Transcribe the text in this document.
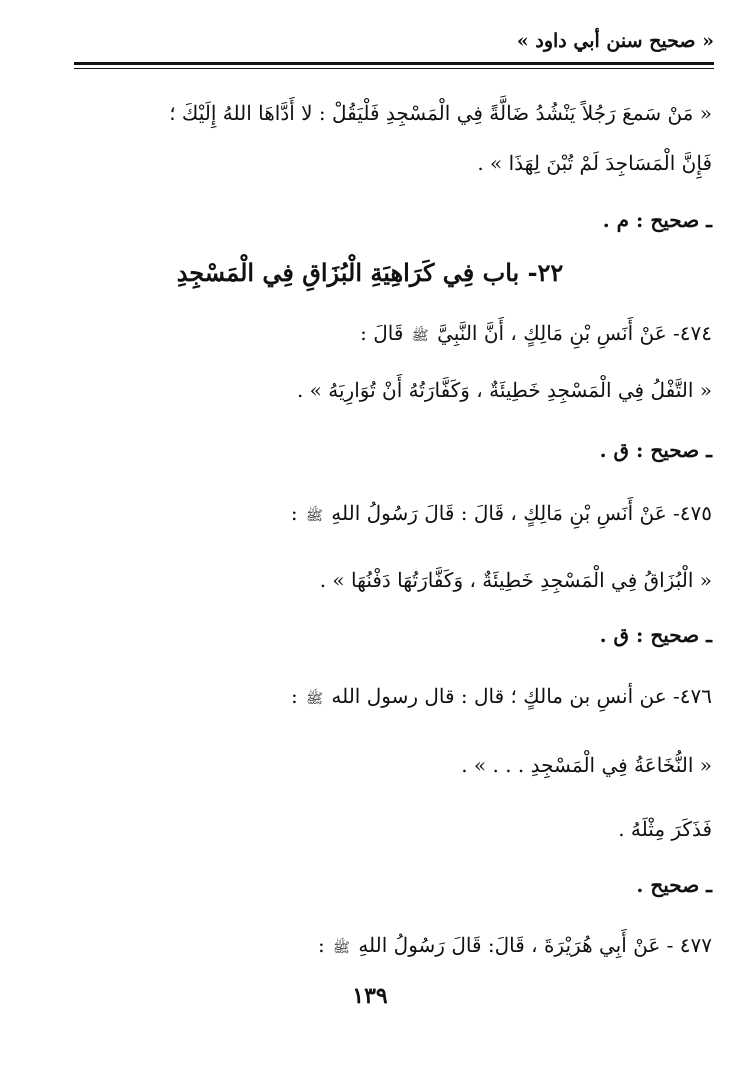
« صحيح سنن أبي داود »
« مَنْ سَمعَ رَجُلاً يَنْشُدُ ضَالَّةً فِي الْمَسْجِدِ فَلْيَقُلْ : لا أَدَّاهَا اللهُ إِلَيْكَ ؛
فَإِنَّ الْمَسَاجِدَ لَمْ تُبْنَ لِهَذَا » .
ـ صحيح : م .
٢٢- باب فِي كَرَاهِيَةِ الْبُزَاقِ فِي الْمَسْجِدِ
٤٧٤- عَنْ أَنَسِ بْنِ مَالِكٍ ، أَنَّ النَّبِيَّ ﷺ قَالَ :
« التَّفْلُ فِي الْمَسْجِدِ خَطِيئَةٌ ، وَكَفَّارَتُهُ أَنْ تُوَارِيَهُ » .
ـ صحيح : ق .
٤٧٥- عَنْ أَنَسِ بْنِ مَالِكٍ ، قَالَ : قَالَ رَسُولُ اللهِ ﷺ :
« الْبُزَاقُ فِي الْمَسْجِدِ خَطِيئَةٌ ، وَكَفَّارَتُهَا دَفْنُهَا » .
ـ صحيح : ق .
٤٧٦- عن أنسِ بن مالكٍ ؛ قال : قال رسول الله ﷺ :
« النُّخَاعَةُ فِي الْمَسْجِدِ . . . » .
فَذَكَرَ مِثْلَهُ .
ـ صحيح .
٤٧٧ - عَنْ أَبِي هُرَيْرَةَ ، قَالَ: قَالَ رَسُولُ اللهِ ﷺ :
١٣٩
